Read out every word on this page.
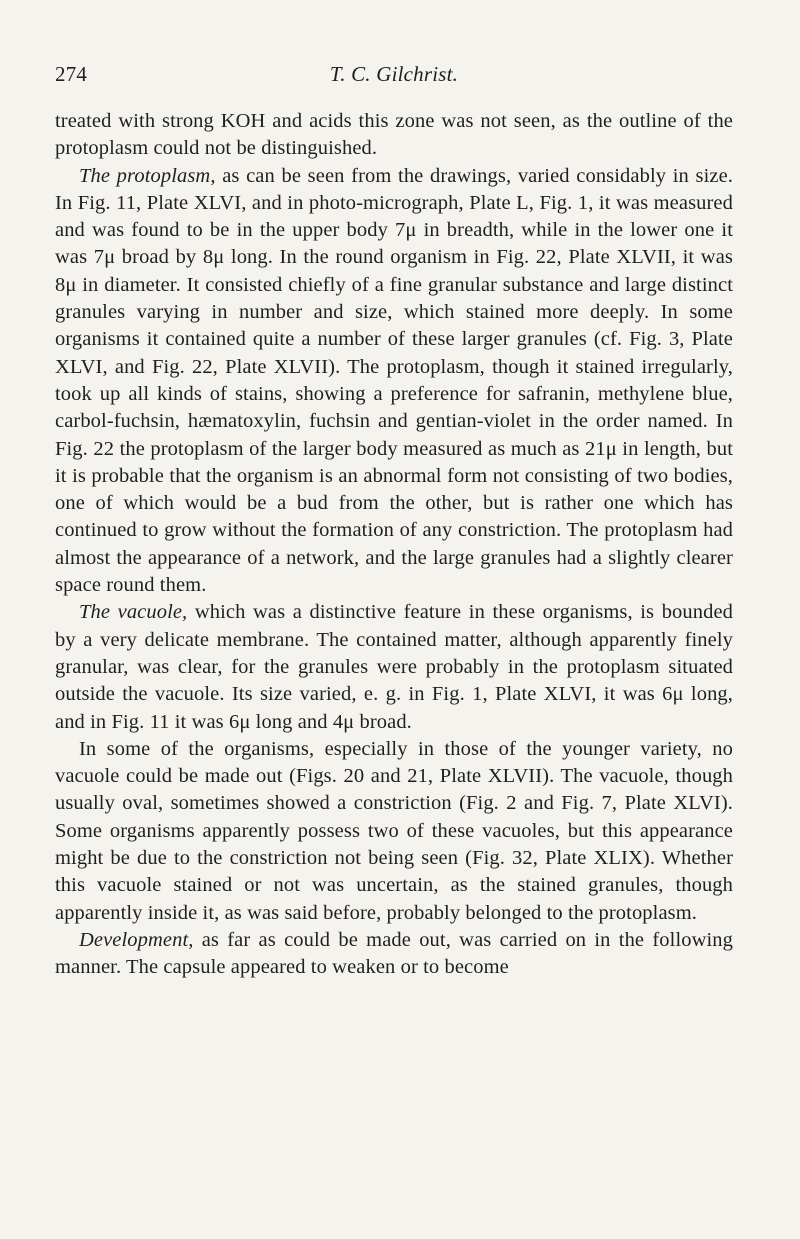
274	T. C. Gilchrist.

treated with strong KOH and acids this zone was not seen, as the outline of the protoplasm could not be distinguished.

The protoplasm, as can be seen from the drawings, varied considably in size. In Fig. 11, Plate XLVI, and in photo-micrograph, Plate L, Fig. 1, it was measured and was found to be in the upper body 7μ in breadth, while in the lower one it was 7μ broad by 8μ long. In the round organism in Fig. 22, Plate XLVII, it was 8μ in diameter. It consisted chiefly of a fine granular substance and large distinct granules varying in number and size, which stained more deeply. In some organisms it contained quite a number of these larger granules (cf. Fig. 3, Plate XLVI, and Fig. 22, Plate XLVII). The protoplasm, though it stained irregularly, took up all kinds of stains, showing a preference for safranin, methylene blue, carbol-fuchsin, hæmatoxylin, fuchsin and gentian-violet in the order named. In Fig. 22 the protoplasm of the larger body measured as much as 21μ in length, but it is probable that the organism is an abnormal form not consisting of two bodies, one of which would be a bud from the other, but is rather one which has continued to grow without the formation of any constriction. The protoplasm had almost the appearance of a network, and the large granules had a slightly clearer space round them.

The vacuole, which was a distinctive feature in these organisms, is bounded by a very delicate membrane. The contained matter, although apparently finely granular, was clear, for the granules were probably in the protoplasm situated outside the vacuole. Its size varied, e. g. in Fig. 1, Plate XLVI, it was 6μ long, and in Fig. 11 it was 6μ long and 4μ broad.

In some of the organisms, especially in those of the younger variety, no vacuole could be made out (Figs. 20 and 21, Plate XLVII). The vacuole, though usually oval, sometimes showed a constriction (Fig. 2 and Fig. 7, Plate XLVI). Some organisms apparently possess two of these vacuoles, but this appearance might be due to the constriction not being seen (Fig. 32, Plate XLIX). Whether this vacuole stained or not was uncertain, as the stained granules, though apparently inside it, as was said before, probably belonged to the protoplasm.

Development, as far as could be made out, was carried on in the following manner. The capsule appeared to weaken or to become
